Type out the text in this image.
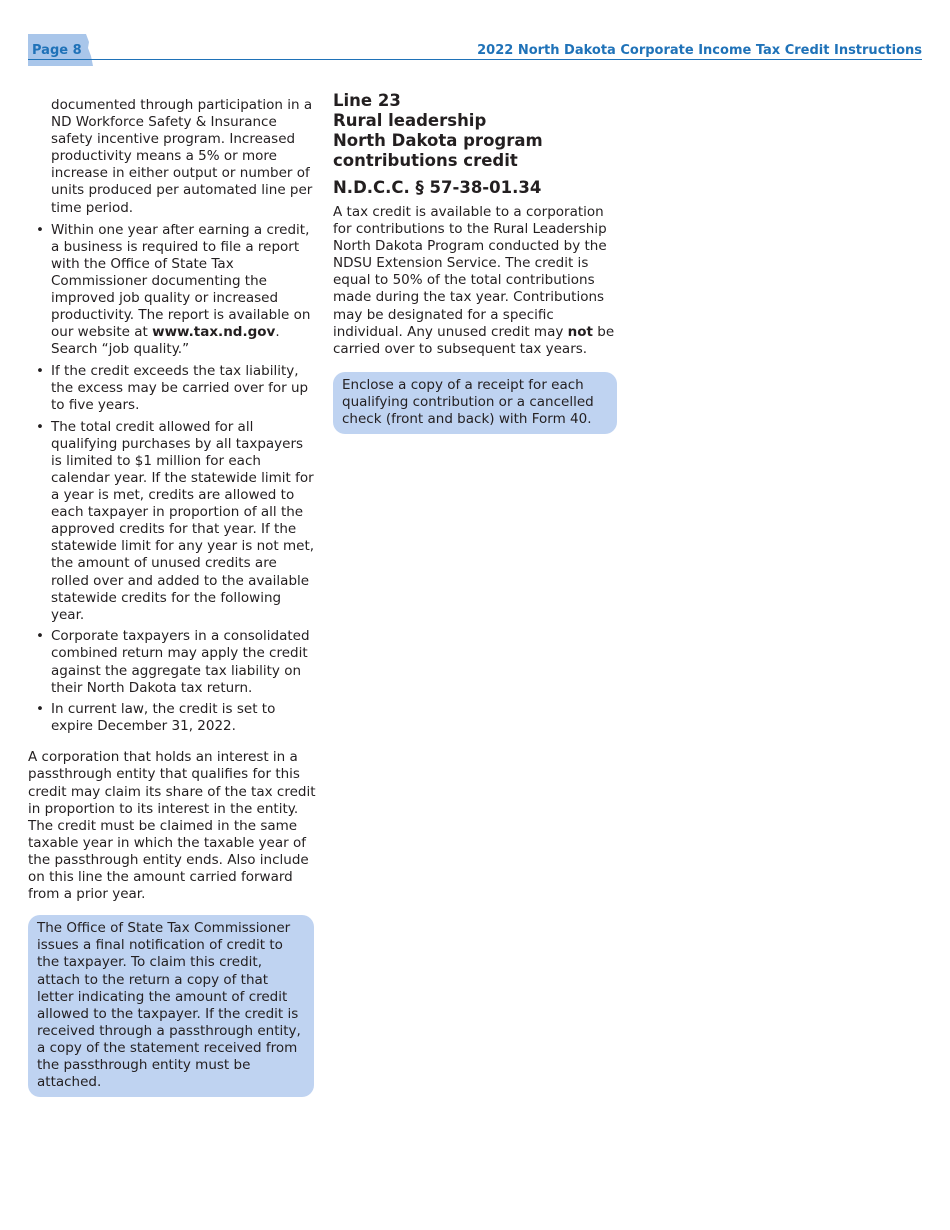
Page 8	2022 North Dakota Corporate Income Tax Credit Instructions

documented through participation in a ND Workforce Safety & Insurance safety incentive program. Increased productivity means a 5% or more increase in either output or number of units produced per automated line per time period.

• Within one year after earning a credit, a business is required to file a report with the Office of State Tax Commissioner documenting the improved job quality or increased productivity. The report is available on our website at www.tax.nd.gov. Search “job quality.”
• If the credit exceeds the tax liability, the excess may be carried over for up to five years.
• The total credit allowed for all qualifying purchases by all taxpayers is limited to $1 million for each calendar year. If the statewide limit for a year is met, credits are allowed to each taxpayer in proportion of all the approved credits for that year. If the statewide limit for any year is not met, the amount of unused credits are rolled over and added to the available statewide credits for the following year.
• Corporate taxpayers in a consolidated combined return may apply the credit against the aggregate tax liability on their North Dakota tax return.
• In current law, the credit is set to expire December 31, 2022.

A corporation that holds an interest in a passthrough entity that qualifies for this credit may claim its share of the tax credit in proportion to its interest in the entity. The credit must be claimed in the same taxable year in which the taxable year of the passthrough entity ends. Also include on this line the amount carried forward from a prior year.

The Office of State Tax Commissioner issues a final notification of credit to the taxpayer. To claim this credit, attach to the return a copy of that letter indicating the amount of credit allowed to the taxpayer. If the credit is received through a passthrough entity, a copy of the statement received from the passthrough entity must be attached.

Line 23

Rural leadership

North Dakota program

contributions credit

N.D.C.C. § 57-38-01.34

A tax credit is available to a corporation for contributions to the Rural Leadership North Dakota Program conducted by the NDSU Extension Service. The credit is equal to 50% of the total contributions made during the tax year. Contributions may be designated for a specific individual. Any unused credit may not be carried over to subsequent tax years.

Enclose a copy of a receipt for each qualifying contribution or a cancelled check (front and back) with Form 40.
